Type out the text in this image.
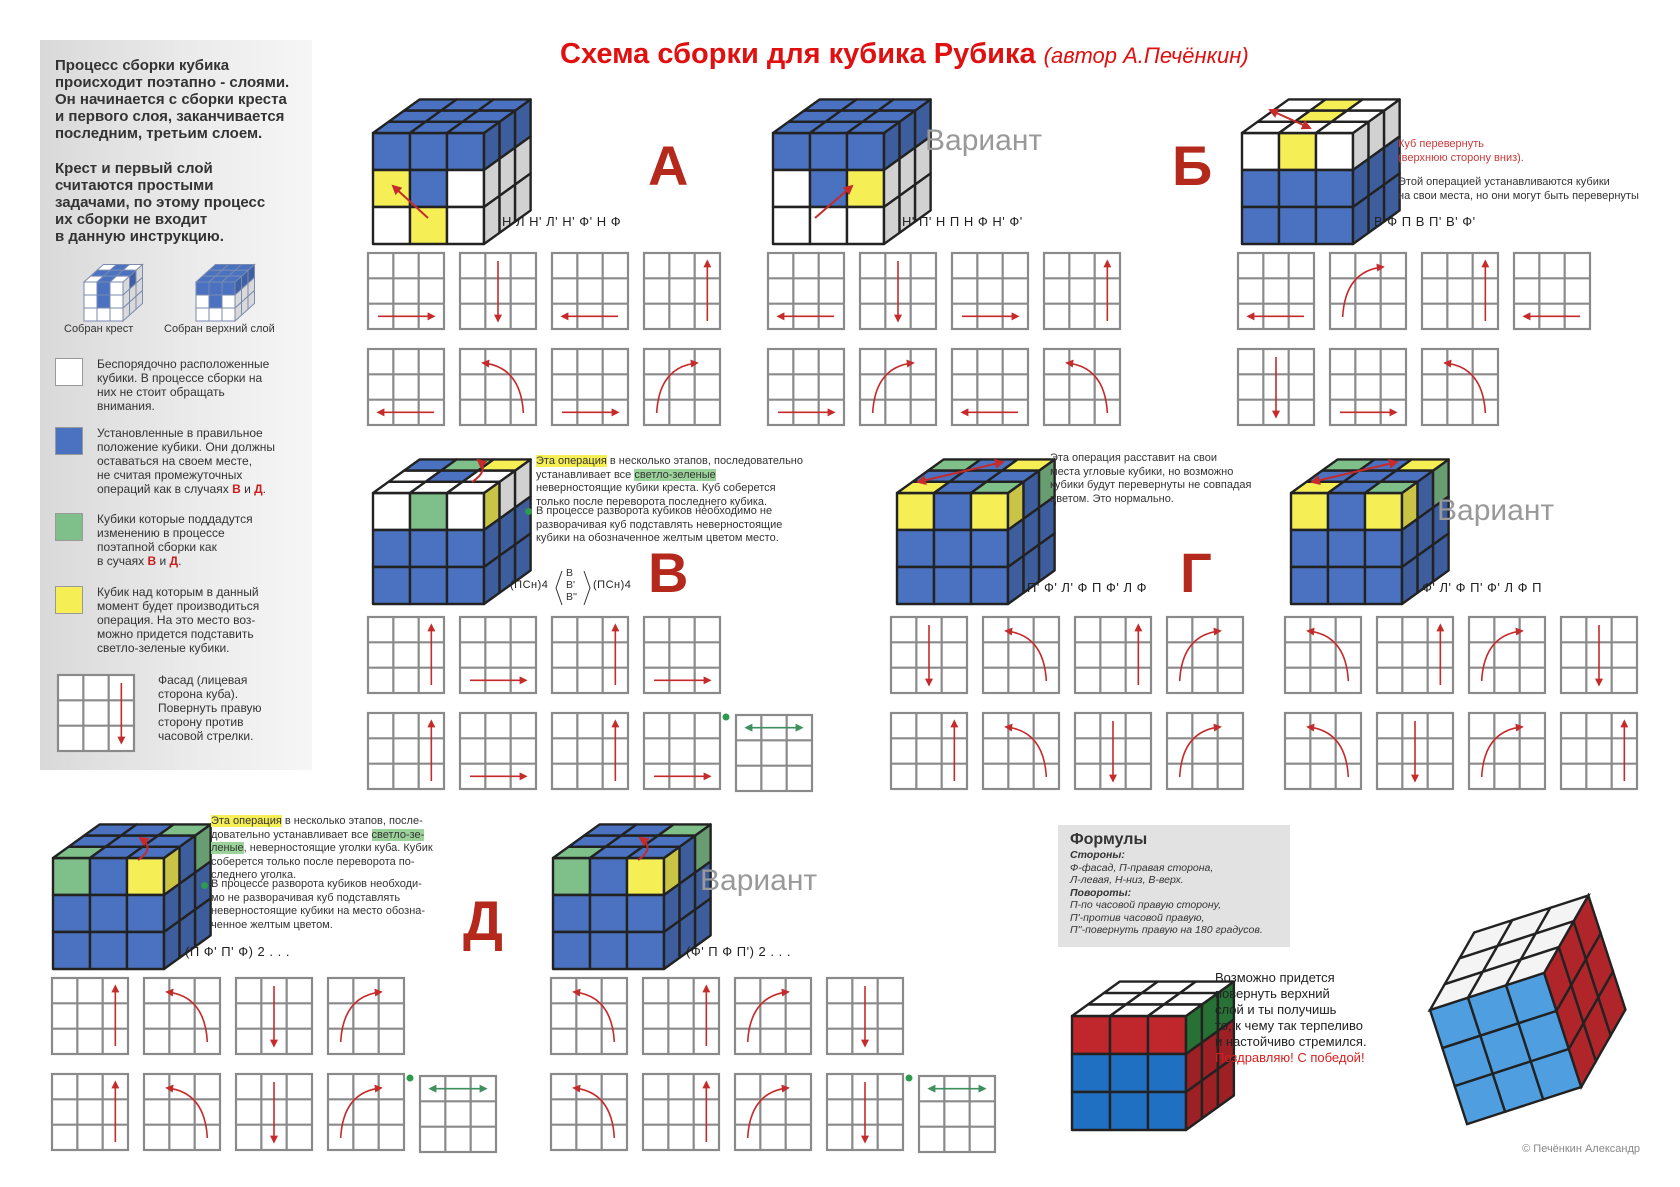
Процесс сборки кубика
происходит поэтапно - слоями.
Он начинается с сборки креста
и первого слоя, заканчивается
последним, третьим слоем.
Крест и первый слой
считаются простыми
задачами, по этому процесс
их сборки не входит
в данную инструкцию.
Собран крест	Собран верхний слой
Беспорядочно расположенные
кубики. В процессе сборки на
них не стоит обращать
внимания.
Установленные в правильное
положение кубики. Они должны
оставаться на своем месте,
не считая промежуточных
операций как в случаях В и Д.
Кубики которые поддадутся
изменению в процессе
поэтапной сборки как
в сучаях В и Д.
Кубик над которым в данный
момент будет производиться
операция. На это место воз-
можно придется подставить
светло-зеленые кубики.
Фасад (лицевая
сторона куба).
Повернуть правую
сторону против
часовой стрелки.
Схема сборки для кубика Рубика (автор А.Печёнкин)
А	Б
В	Г
Д
Н Л Н' Л' Н' Ф' Н Ф
Вариант
Н' П' Н П Н Ф Н' Ф'	В Ф П В П' В' Ф'
Куб перевернуть
(верхнюю сторону вниз).
Этой операцией устанавливаются кубики
на свои места, но они могут быть перевернуты
Эта операция в несколько этапов, последовательно
устанавливает все светло-зеленые
неверностоящие кубики креста. Куб соберется
только после переворота последнего кубика.
В процессе разворота кубиков необходимо не
разворачивая куб подставлять неверностоящие
кубики на обозначенное желтым цветом место.
(ПСн)4
В
В'
В''
(ПСн)4
Эта операция расставит на свои
места угловые кубики, но возможно
кубики будут перевернуты не совпадая
цветом. Это нормально.
П' Ф' Л' Ф П Ф' Л Ф
Вариант
Ф' Л' Ф П' Ф' Л Ф П
Эта операция в несколько этапов, после-
довательно устанавливает все светло-зе-
леные, неверностоящие уголки куба. Кубик
соберется только после переворота по-
следнего уголка.
В процессе разворота кубиков необходи-
мо не разворачивая куб подставлять
неверностоящие кубики на место обозна-
ченное желтым цветом.
(П Ф' П' Ф) 2 . . .
Вариант
(Ф' П Ф П') 2 . . .
Формулы
Стороны:
Ф-фасад, П-правая сторона,
Л-левая, Н-низ, В-верх.
Повороты:
П-по часовой правую сторону,
П'-против часовой правую,
П''-повернуть правую на 180 градусов.
Возможно придется
повернуть верхний
слой и ты получишь
то, к чему так терпеливо
и настойчиво стремился.
Поздравляю! С победой!
© Печёнкин Александр
